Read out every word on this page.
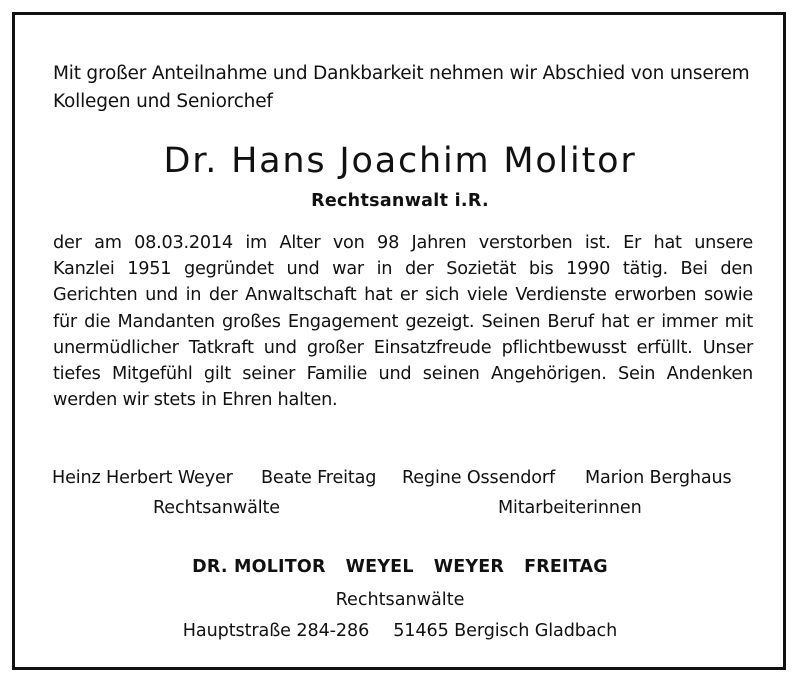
Mit großer Anteilnahme und Dankbarkeit nehmen wir Abschied von unserem
Kollegen und Seniorchef
Dr. Hans Joachim Molitor
Rechtsanwalt i.R.
der am 08.03.2014 im Alter von 98 Jahren verstorben ist. Er hat unsere
Kanzlei 1951 gegründet und war in der Sozietät bis 1990 tätig. Bei den
Gerichten und in der Anwaltschaft hat er sich viele Verdienste erworben sowie
für die Mandanten großes Engagement gezeigt. Seinen Beruf hat er immer mit
unermüdlicher Tatkraft und großer Einsatzfreude pflichtbewusst erfüllt. Unser
tiefes Mitgefühl gilt seiner Familie und seinen Angehörigen. Sein Andenken
werden wir stets in Ehren halten.
Heinz Herbert Weyer Beate Freitag Regine Ossendorf Marion Berghaus
Rechtsanwälte	Mitarbeiterinnen
DR. MOLITOR WEYEL WEYER FREITAG
Rechtsanwälte
Hauptstraße 284-286 51465 Bergisch Gladbach
